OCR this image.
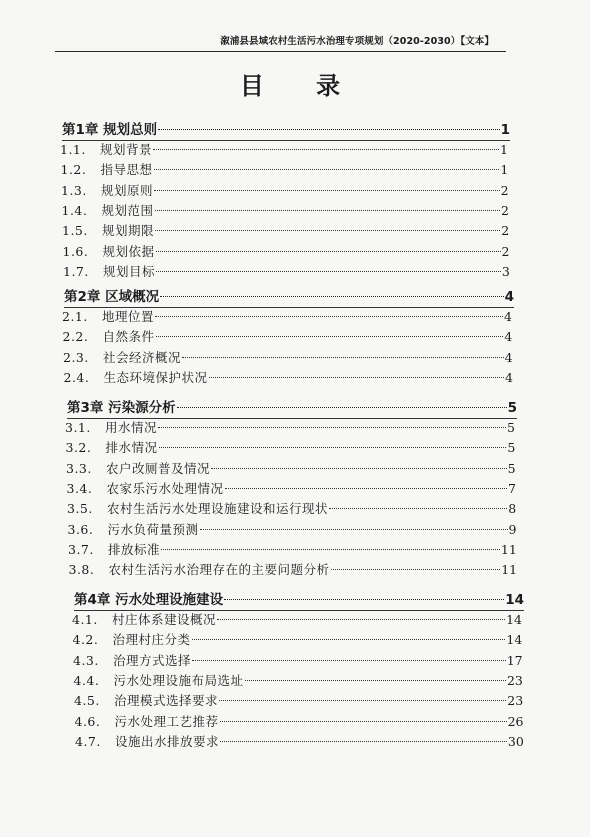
溆浦县县域农村生活污水治理专项规划（2020-2030）【文本】
目 录
第1章 规划总则	1
1.1. 规划背景	1
1.2. 指导思想	1
1.3. 规划原则	2
1.4. 规划范围	2
1.5. 规划期限	2
1.6. 规划依据	2
1.7. 规划目标	3
第2章 区域概况	4
2.1. 地理位置	4
2.2. 自然条件	4
2.3. 社会经济概况	4
2.4. 生态环境保护状况	4
第3章 污染源分析	5
3.1. 用水情况	5
3.2. 排水情况	5
3.3. 农户改厕普及情况	5
3.4. 农家乐污水处理情况	7
3.5. 农村生活污水处理设施建设和运行现状	8
3.6. 污水负荷量预测	9
3.7. 排放标准	11
3.8. 农村生活污水治理存在的主要问题分析	11
第4章 污水处理设施建设	14
4.1. 村庄体系建设概况	14
4.2. 治理村庄分类	14
4.3. 治理方式选择	17
4.4. 污水处理设施布局选址	23
4.5. 治理模式选择要求	23
4.6. 污水处理工艺推荐	26
4.7. 设施出水排放要求	30
